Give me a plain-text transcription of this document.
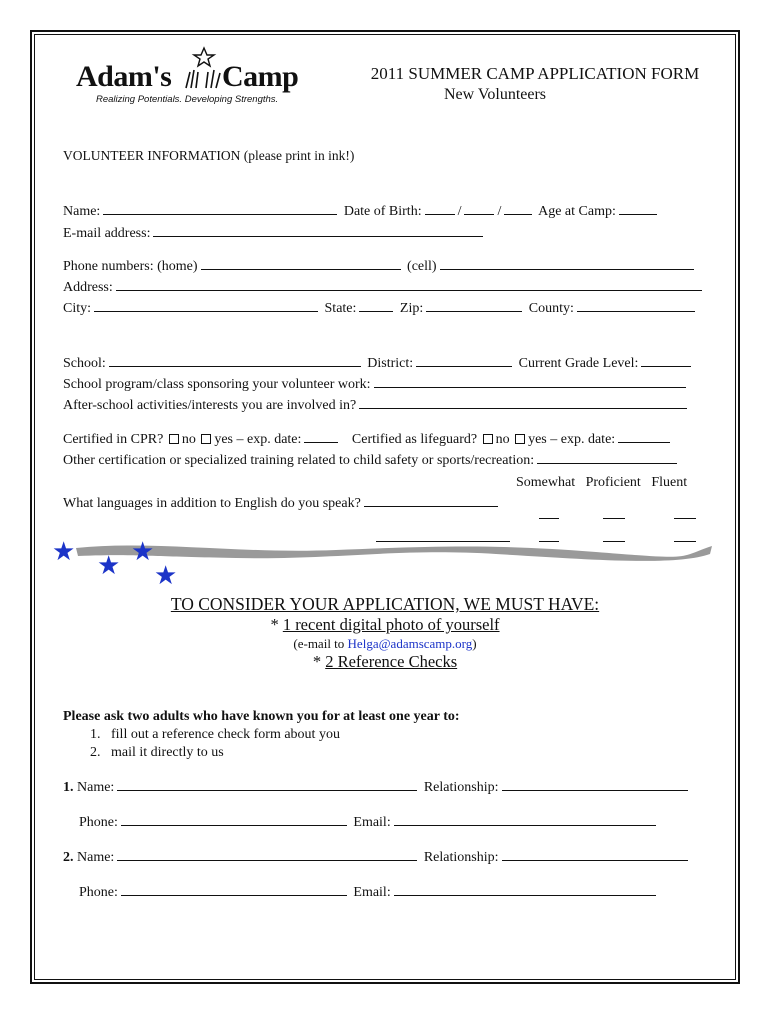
Adam's Camp
Realizing Potentials. Developing Strengths.
2011 SUMMER CAMP APPLICATION FORM
New Volunteers
VOLUNTEER INFORMATION (please print in ink!)
Name:	Date of Birth:	/	/	Age at Camp:
E-mail address:
Phone numbers: (home)	(cell)
Address:
City:	State:	Zip:	County:
School:	District:	Current Grade Level:
School program/class sponsoring your volunteer work:
After-school activities/interests you are involved in?
Certified in CPR? no yes – exp. date:	Certified as lifeguard? no yes – exp. date:
Other certification or specialized training related to child safety or sports/recreation:
Somewhat Proficient Fluent
What languages in addition to English do you speak?

★ ★
★ ★
TO CONSIDER YOUR APPLICATION, WE MUST HAVE:
* 1 recent digital photo of yourself
(e-mail to Helga@adamscamp.org)
* 2 Reference Checks
Please ask two adults who have known you for at least one year to:
1. fill out a reference check form about you
2. mail it directly to us
1. Name:	Relationship:
Phone:	Email:
2. Name:	Relationship:
Phone:	Email:
